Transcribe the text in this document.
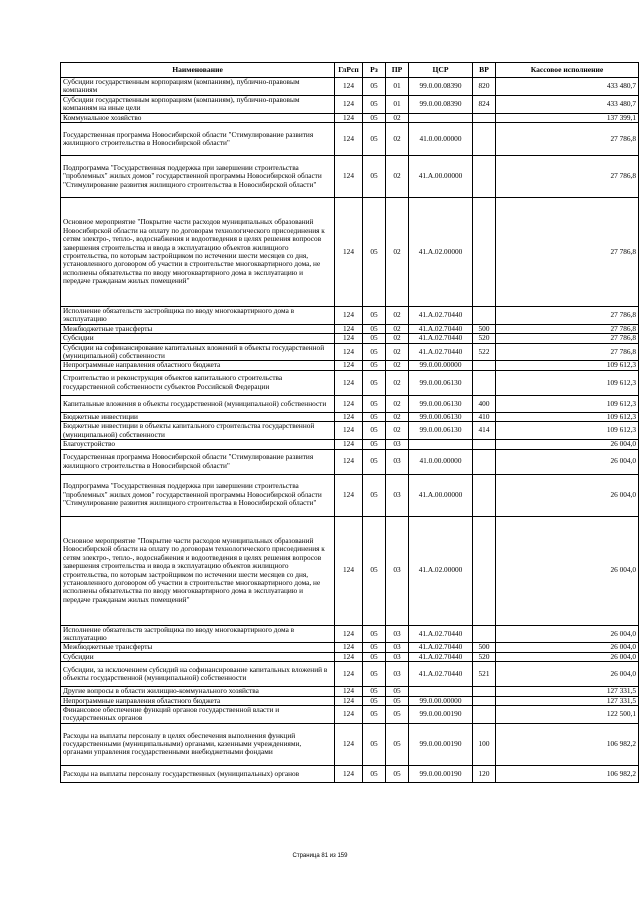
Наименование	ГлРсп	Рз	ПР	ЦСР	ВР	Кассовое исполнение
Субсидии государственным корпорациям (компаниям), публично-правовым компаниям	124	05	01	99.0.00.08390	820	433 480,7
Субсидии государственным корпорациям (компаниям), публично-правовым компаниям на иные цели	124	05	01	99.0.00.08390	824	433 480,7
Коммунальное хозяйство	124	05	02			137 399,1
Государственная программа Новосибирской области "Стимулирование развития жилищного строительства в Новосибирской области"	124	05	02	41.0.00.00000		27 786,8
Подпрограмма "Государственная поддержка при завершении строительства "проблемных" жилых домов" государственной программы Новосибирской области "Стимулирование развития жилищного строительства в Новосибирской области"	124	05	02	41.A.00.00000		27 786,8
Основное мероприятие "Покрытие части расходов муниципальных образований Новосибирской области на оплату по договорам технологического присоединения к сетям электро-, тепло-, водоснабжения и водоотведения в целях решения вопросов завершения строительства и ввода в эксплуатацию объектов жилищного строительства, по которым застройщиком по истечении шести месяцев со дня, установленного договором об участии в строительстве многоквартирного дома, не исполнены обязательства по вводу многоквартирного дома в эксплуатацию и передаче гражданам жилых помещений"	124	05	02	41.A.02.00000		27 786,8
Исполнение обязательств застройщика по вводу многоквартирного дома в эксплуатацию	124	05	02	41.A.02.70440		27 786,8
Межбюджетные трансферты	124	05	02	41.A.02.70440	500	27 786,8
Субсидии	124	05	02	41.A.02.70440	520	27 786,8
Субсидии на софинансирование капитальных вложений в объекты государственной (муниципальной) собственности	124	05	02	41.A.02.70440	522	27 786,8
Непрограммные направления областного бюджета	124	05	02	99.0.00.00000		109 612,3
Строительство и реконструкция объектов капитального строительства государственной собственности субъектов Российской Федерации	124	05	02	99.0.00.06130		109 612,3
Капитальные вложения в объекты государственной (муниципальной) собственности	124	05	02	99.0.00.06130	400	109 612,3
Бюджетные инвестиции	124	05	02	99.0.00.06130	410	109 612,3
Бюджетные инвестиции в объекты капитального строительства государственной (муниципальной) собственности	124	05	02	99.0.00.06130	414	109 612,3
Благоустройство	124	05	03			26 004,0
Государственная программа Новосибирской области "Стимулирование развития жилищного строительства в Новосибирской области"	124	05	03	41.0.00.00000		26 004,0
Подпрограмма "Государственная поддержка при завершении строительства "проблемных" жилых домов" государственной программы Новосибирской области "Стимулирование развития жилищного строительства в Новосибирской области"	124	05	03	41.A.00.00000		26 004,0
Основное мероприятие "Покрытие части расходов муниципальных образований Новосибирской области на оплату по договорам технологического присоединения к сетям электро-, тепло-, водоснабжения и водоотведения в целях решения вопросов завершения строительства и ввода в эксплуатацию объектов жилищного строительства, по которым застройщиком по истечении шести месяцев со дня, установленного договором об участии в строительстве многоквартирного дома, не исполнены обязательства по вводу многоквартирного дома в эксплуатацию и передаче гражданам жилых помещений"	124	05	03	41.A.02.00000		26 004,0
Исполнение обязательств застройщика по вводу многоквартирного дома в эксплуатацию	124	05	03	41.A.02.70440		26 004,0
Межбюджетные трансферты	124	05	03	41.A.02.70440	500	26 004,0
Субсидии	124	05	03	41.A.02.70440	520	26 004,0
Субсидии, за исключением субсидий на софинансирование капитальных вложений в объекты государственной (муниципальной) собственности	124	05	03	41.A.02.70440	521	26 004,0
Другие вопросы в области жилищно-коммунального хозяйства	124	05	05			127 331,5
Непрограммные направления областного бюджета	124	05	05	99.0.00.00000		127 331,5
Финансовое обеспечение функций органов государственной власти и государственных органов	124	05	05	99.0.00.00190		122 500,1
Расходы на выплаты персоналу в целях обеспечения выполнения функций государственными (муниципальными) органами, казенными учреждениями, органами управления государственными внебюджетными фондами	124	05	05	99.0.00.00190	100	106 982,2
Расходы на выплаты персоналу государственных (муниципальных) органов	124	05	05	99.0.00.00190	120	106 982,2
Страница 81 из 159
